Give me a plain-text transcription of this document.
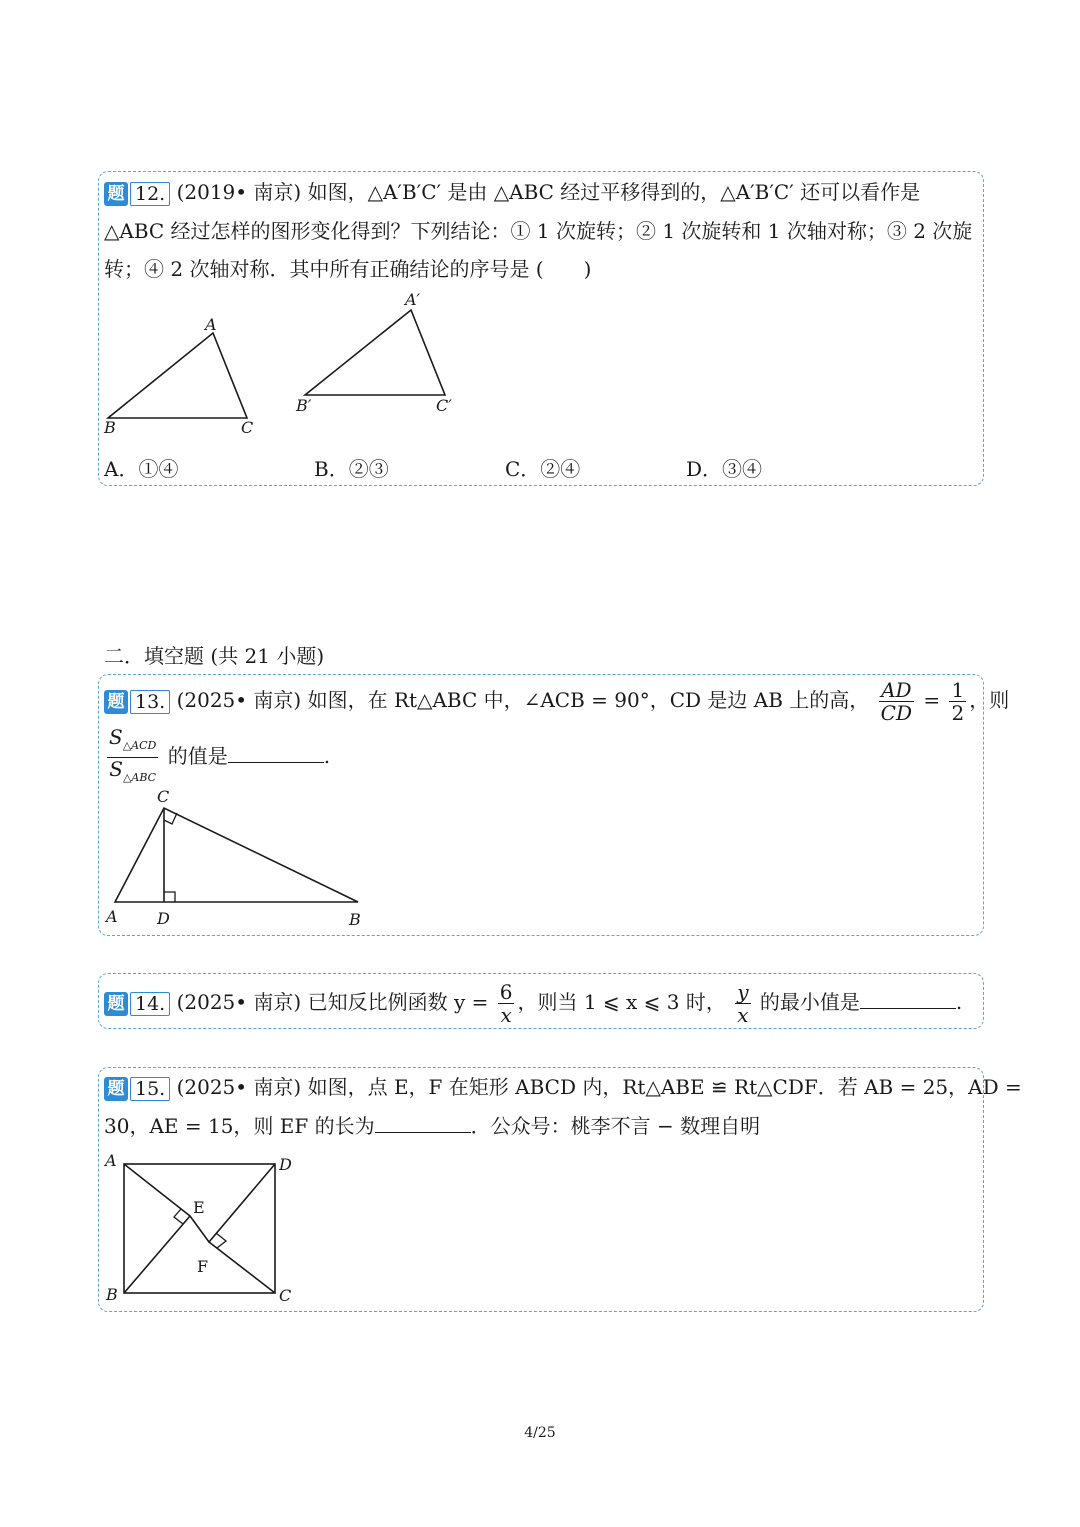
题 12. (2019• 南京) 如图，△A′B′C′ 是由 △ABC 经过平移得到的，△A′B′C′ 还可以看作是
△ABC 经过怎样的图形变化得到？下列结论：① 1 次旋转；② 1 次旋转和 1 次轴对称；③ 2 次旋
转；④ 2 次轴对称．其中所有正确结论的序号是 (　　)
A
B	C
A′
B′	C′
A．①④	B．②③	C．②④	D．③④
二．填空题 (共 21 小题)
题 13. (2025• 南京) 如图，在 Rt△ABC 中，∠ACB = 90°，CD 是边 AB 上的高， $\frac{AD}{CD} = \frac{1}{2}$ ，则
$\frac{S_{\triangle ACD}}{S_{\triangle ABC}}$ 的值是	.
C
A D	B
题 14. (2025• 南京) 已知反比例函数 $y = \frac{6}{x}$ ，则当 1 ⩽ x ⩽ 3 时， $\frac{y}{x}$ 的最小值是	.
题 15. (2025• 南京) 如图，点 E，F 在矩形 ABCD 内，Rt△ABE ≌ Rt△CDF．若 AB = 25，AD =
30，AE = 15，则 EF 的长为	．公众号：桃李不言 − 数理自明
A	D
B	C
E
F
4/25
